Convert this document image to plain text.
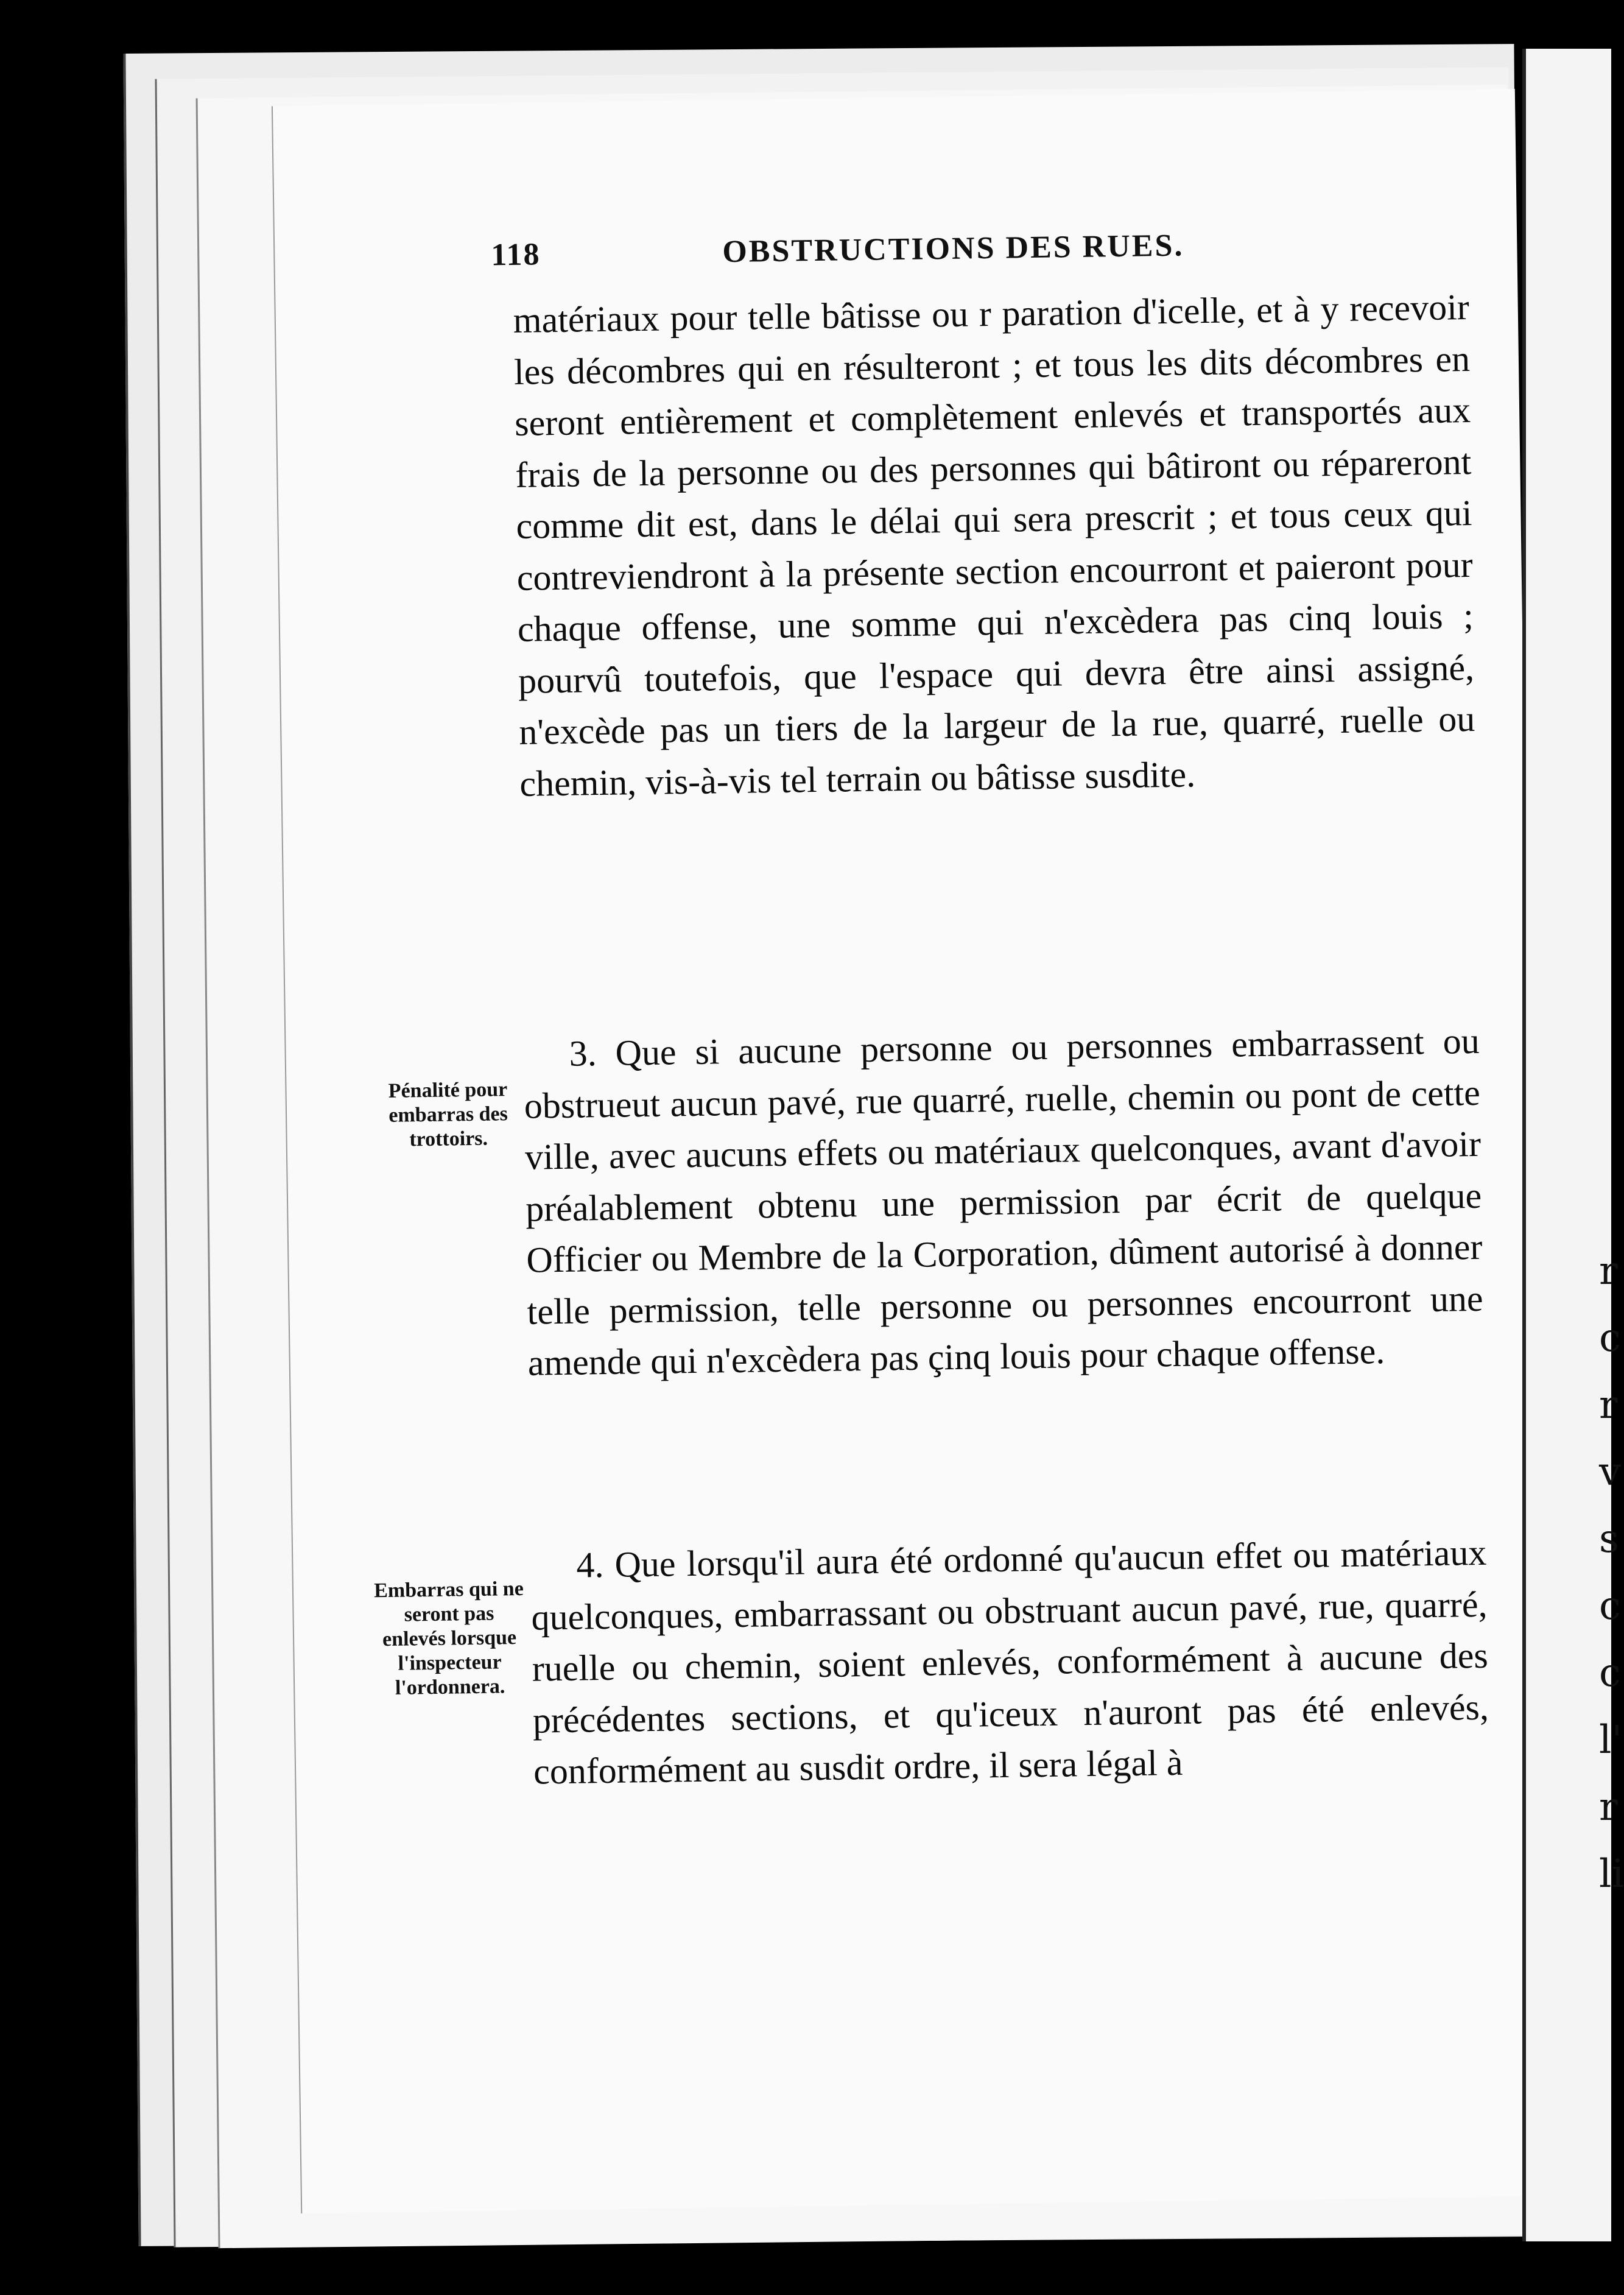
118	OBSTRUCTIONS DES RUES.

matériaux pour telle bâtisse ou r paration d'icelle, et à y recevoir les décombres qui en résulteront ; et tous les dits décombres en seront entièrement et complètement enlevés et transportés aux frais de la personne ou des personnes qui bâtiront ou répareront comme dit est, dans le délai qui sera prescrit ; et tous ceux qui contreviendront à la présente section encourront et paieront pour chaque offense, une somme qui n'excèdera pas cinq louis ; pourvû toutefois, que l'espace qui devra être ainsi assigné, n'excède pas un tiers de la largeur de la rue, quarré, ruelle ou chemin, vis-à-vis tel terrain ou bâtisse susdite.
3. Que si aucune personne ou personnes embarrassent ou obstrueut aucun pavé, rue quarré, ruelle, chemin ou pont de cette ville, avec aucuns effets ou matériaux quelconques, avant d'avoir préalablement obtenu une permission par écrit de quelque Officier ou Membre de la Corporation, dûment autorisé à donner telle permission, telle personne ou personnes encourront une amende qui n'excèdera pas çinq louis pour chaque offense.
4. Que lorsqu'il aura été ordonné qu'aucun effet ou matériaux quelconques, embarrassant ou obstruant aucun pavé, rue, quarré, ruelle ou chemin, soient enlevés, conformément à aucune des précédentes sections, et qu'iceux n'auront pas été enlevés, conformément au susdit ordre, il sera légal à
Pénalité pour embarras des trottoirs.
Embarras qui ne seront pas enlevés lorsque l'inspecteur l'ordonnera.
r
c
r
v
s
c
c
l'
r
li
